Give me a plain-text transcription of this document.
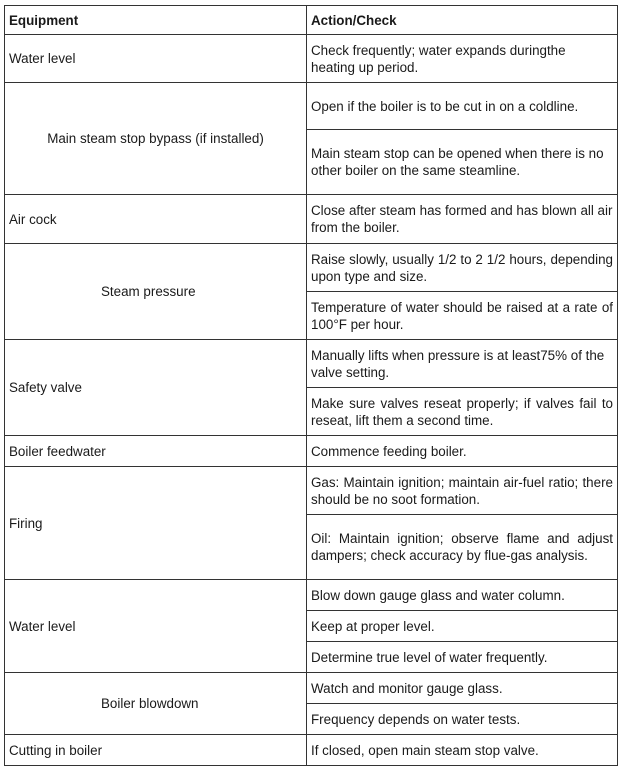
Equipment	Action/Check
Water level	Check frequently; water expands duringthe heating up period.
Main steam stop bypass (if installed)	Open if the boiler is to be cut in on a coldline.
	Main steam stop can be opened when there is no other boiler on the same steamline.
Air cock	Close after steam has formed and has blown all air from the boiler.
Steam pressure	Raise slowly, usually 1/2 to 2 1/2 hours, depending upon type and size.
	Temperature of water should be raised at a rate of 100°F per hour.
Safety valve	Manually lifts when pressure is at least75% of the valve setting.
	Make sure valves reseat properly; if valves fail to reseat, lift them a second time.
Boiler feedwater	Commence feeding boiler.
Firing	Gas: Maintain ignition; maintain air-fuel ratio; there should be no soot formation.
	Oil: Maintain ignition; observe flame and adjust dampers; check accuracy by flue-gas analysis.
Water level	Blow down gauge glass and water column.
	Keep at proper level.
	Determine true level of water frequently.
Boiler blowdown	Watch and monitor gauge glass.
	Frequency depends on water tests.
Cutting in boiler	If closed, open main steam stop valve.
